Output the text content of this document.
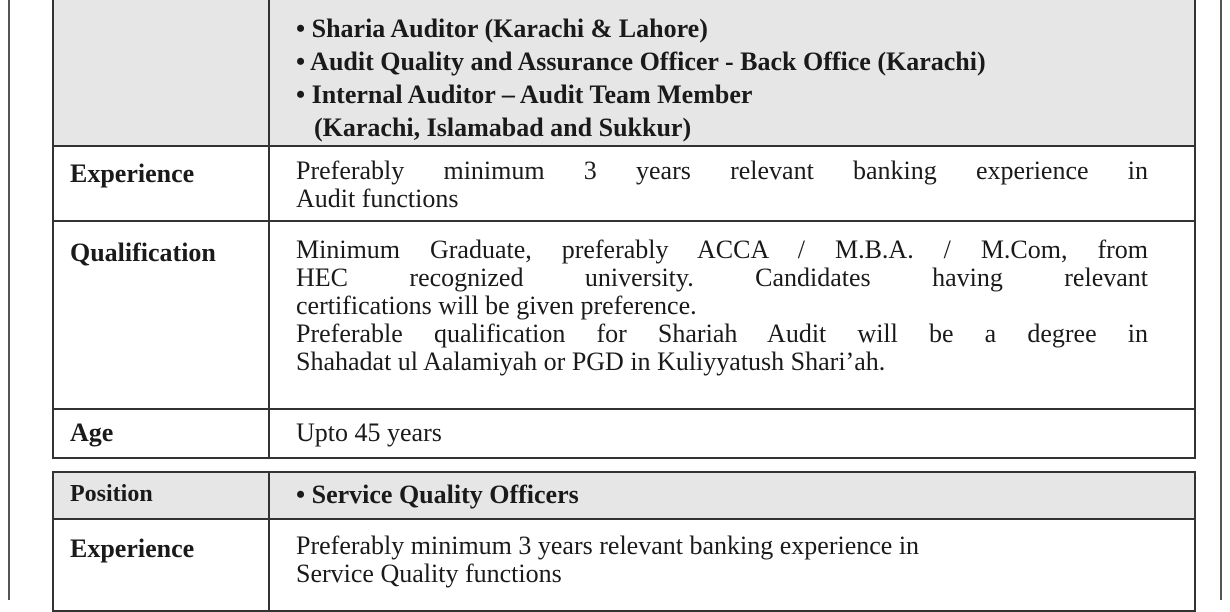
• Sharia Auditor (Karachi & Lahore)
• Audit Quality and Assurance Officer - Back Office (Karachi)
• Internal Auditor – Audit Team Member
(Karachi, Islamabad and Sukkur)
Experience	Preferably minimum 3 years relevant banking experience in
Audit functions
Qualification	Minimum Graduate, preferably ACCA / M.B.A. / M.Com, from
HEC recognized university. Candidates having relevant
certifications will be given preference.
Preferable qualification for Shariah Audit will be a degree in
Shahadat ul Aalamiyah or PGD in Kuliyyatush Shari’ah.
Age	Upto 45 years
Position	• Service Quality Officers
Experience	Preferably minimum 3 years relevant banking experience in
Service Quality functions
